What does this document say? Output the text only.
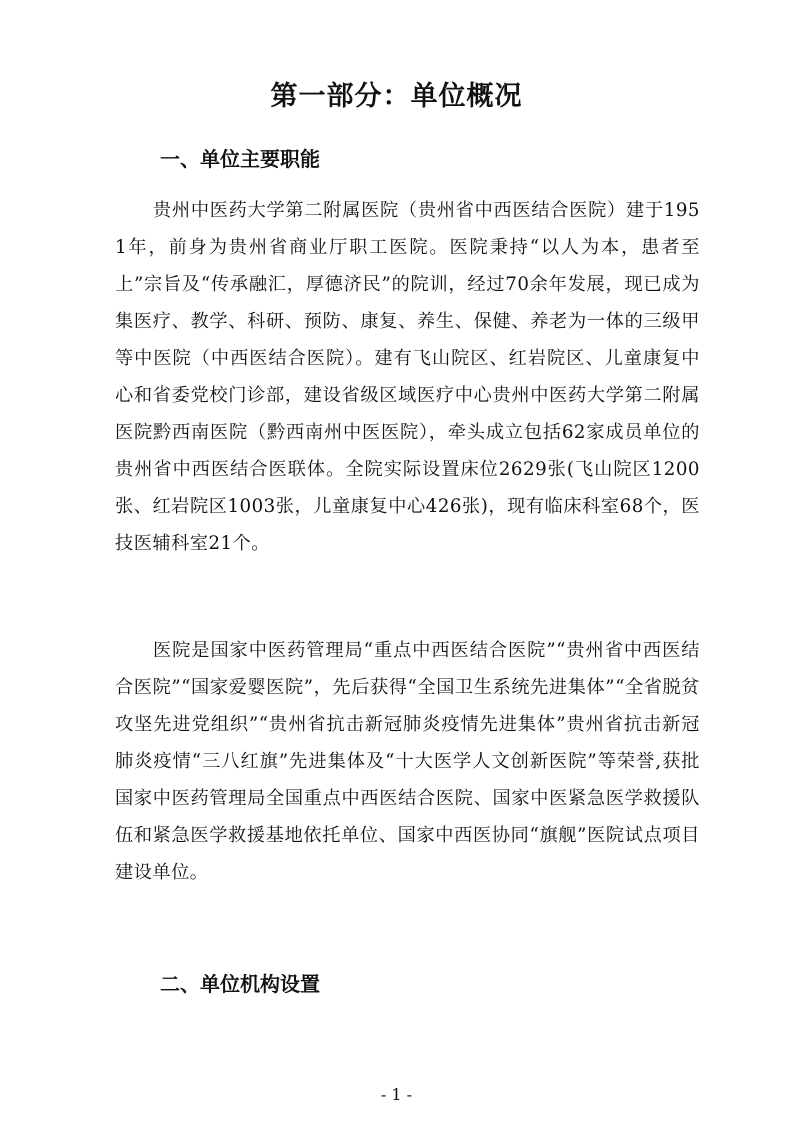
第一部分：单位概况
一、单位主要职能

贵州中医药大学第二附属医院（贵州省中西医结合医院）建于1951年，前身为贵州省商业厅职工医院。医院秉持“以人为本，患者至上”宗旨及“传承融汇，厚德济民”的院训，经过70余年发展，现已成为集医疗、教学、科研、预防、康复、养生、保健、养老为一体的三级甲等中医院（中西医结合医院）。建有飞山院区、红岩院区、儿童康复中心和省委党校门诊部，建设省级区域医疗中心贵州中医药大学第二附属医院黔西南医院（黔西南州中医医院），牵头成立包括62家成员单位的贵州省中西医结合医联体。全院实际设置床位2629张(飞山院区1200张、红岩院区1003张，儿童康复中心426张)，现有临床科室68个，医技医辅科室21个。

医院是国家中医药管理局“重点中西医结合医院”“贵州省中西医结合医院”“国家爱婴医院”，先后获得“全国卫生系统先进集体”“全省脱贫攻坚先进党组织”“贵州省抗击新冠肺炎疫情先进集体”贵州省抗击新冠肺炎疫情“三八红旗”先进集体及“十大医学人文创新医院”等荣誉,获批国家中医药管理局全国重点中西医结合医院、国家中医紧急医学救援队伍和紧急医学救援基地依托单位、国家中西医协同“旗舰”医院试点项目建设单位。

二、单位机构设置
- 1 -
